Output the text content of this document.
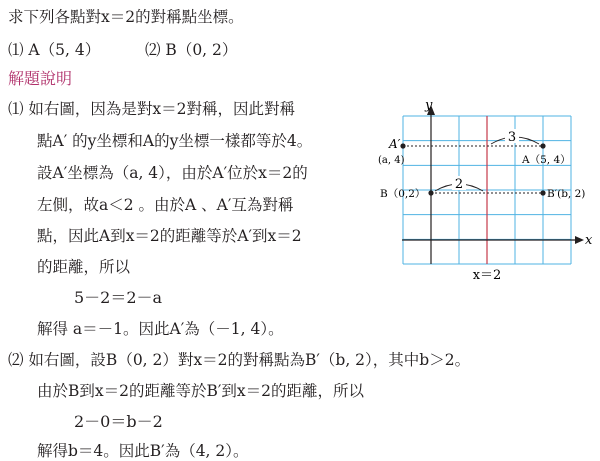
求下列各點對x＝2的對稱點坐標。
⑴ A（5, 4）	⑵ B（0, 2）
解題說明
⑴ 如右圖，因為是對x＝2對稱，因此對稱
點A′ 的y坐標和A的y坐標一樣都等於4。
設A′坐標為（a, 4），由於A′位於x＝2的
左側，故a＜2 。由於A 、A′互為對稱
點，因此A到x＝2的距離等於A′到x＝2
的距離，所以
5－2＝2－a
解得 a＝－1。因此A′為（－1, 4）。
⑵ 如右圖，設B（0, 2）對x＝2的對稱點為B′（b, 2），其中b＞2。
由於B到x＝2的距離等於B′到x＝2的距離，所以
2－0＝b－2
解得b＝4。因此B′為（4, 2）。
y
x
3
2
A′
(a, 4)	A（5, 4）
B（0,2）	B′(b, 2)
x＝2
